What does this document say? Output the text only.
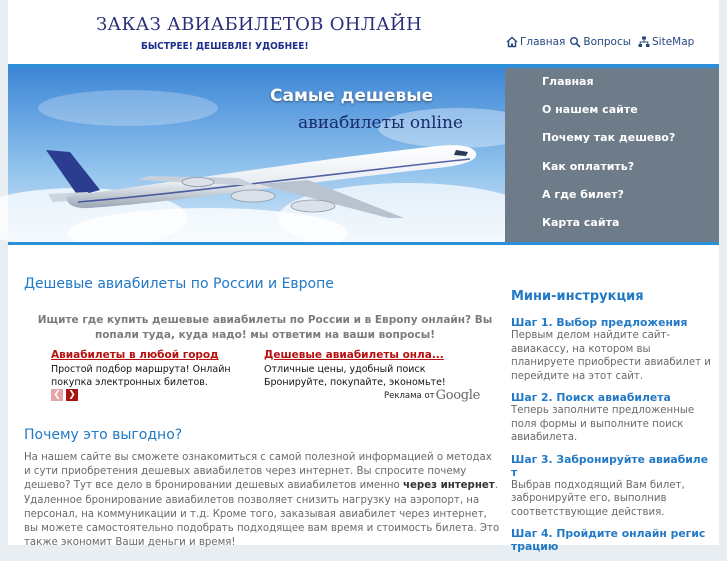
ЗАКАЗ АВИАБИЛЕТОВ ОНЛАЙН
БЫСТРЕЕ! ДЕШЕВЛЕ! УДОБНЕЕ!	Главная Вопросы SiteMap
Самые дешевые
авиабилеты online
Главная
О нашем сайте
Почему так дешево?
Как оплатить?
А где билет?
Карта сайта
Дешевые авиабилеты по России и Европе
Ищите где купить дешевые авиабилеты по России и в Европу онлайн? Вы попали туда, куда надо! мы ответим на ваши вопросы!
Авиабилеты в любой город
Простой подбор маршрута! Онлайн покупка электронных билетов.
Дешевые авиабилеты онла...
Отличные цены, удобный поиск Бронируйте, покупайте, экономьте!
❮ ❯	Реклама от Google
Почему это выгодно?
На нашем сайте вы сможете ознакомиться с самой полезной информацией о методах и сути приобретения дешевых авиабилетов через интернет. Вы спросите почему дешево? Тут все дело в бронировании дешевых авиабилетов именно через интернет. Удаленное бронирование авиабилетов позволяет снизить нагрузку на аэропорт, на персонал, на коммуникации и т.д. Кроме того, заказывая авиабилет через интернет, вы можете самостоятельно подобрать подходящее вам время и стоимость билета. Это также экономит Ваши деньги и время!
Мини-инструкция
Шаг 1. Выбор предложения
Первым делом найдите сайт-авиакассу, на котором вы планируете приобрести авиабилет и перейдите на этот сайт.
Шаг 2. Поиск авиабилета
Теперь заполните предложенные поля формы и выполните поиск авиабилета.
Шаг 3. Забронируйте авиабилет
Выбрав подходящий Вам билет, забронируйте его, выполнив соответствующие действия.
Шаг 4. Пройдите онлайн регистрацию
